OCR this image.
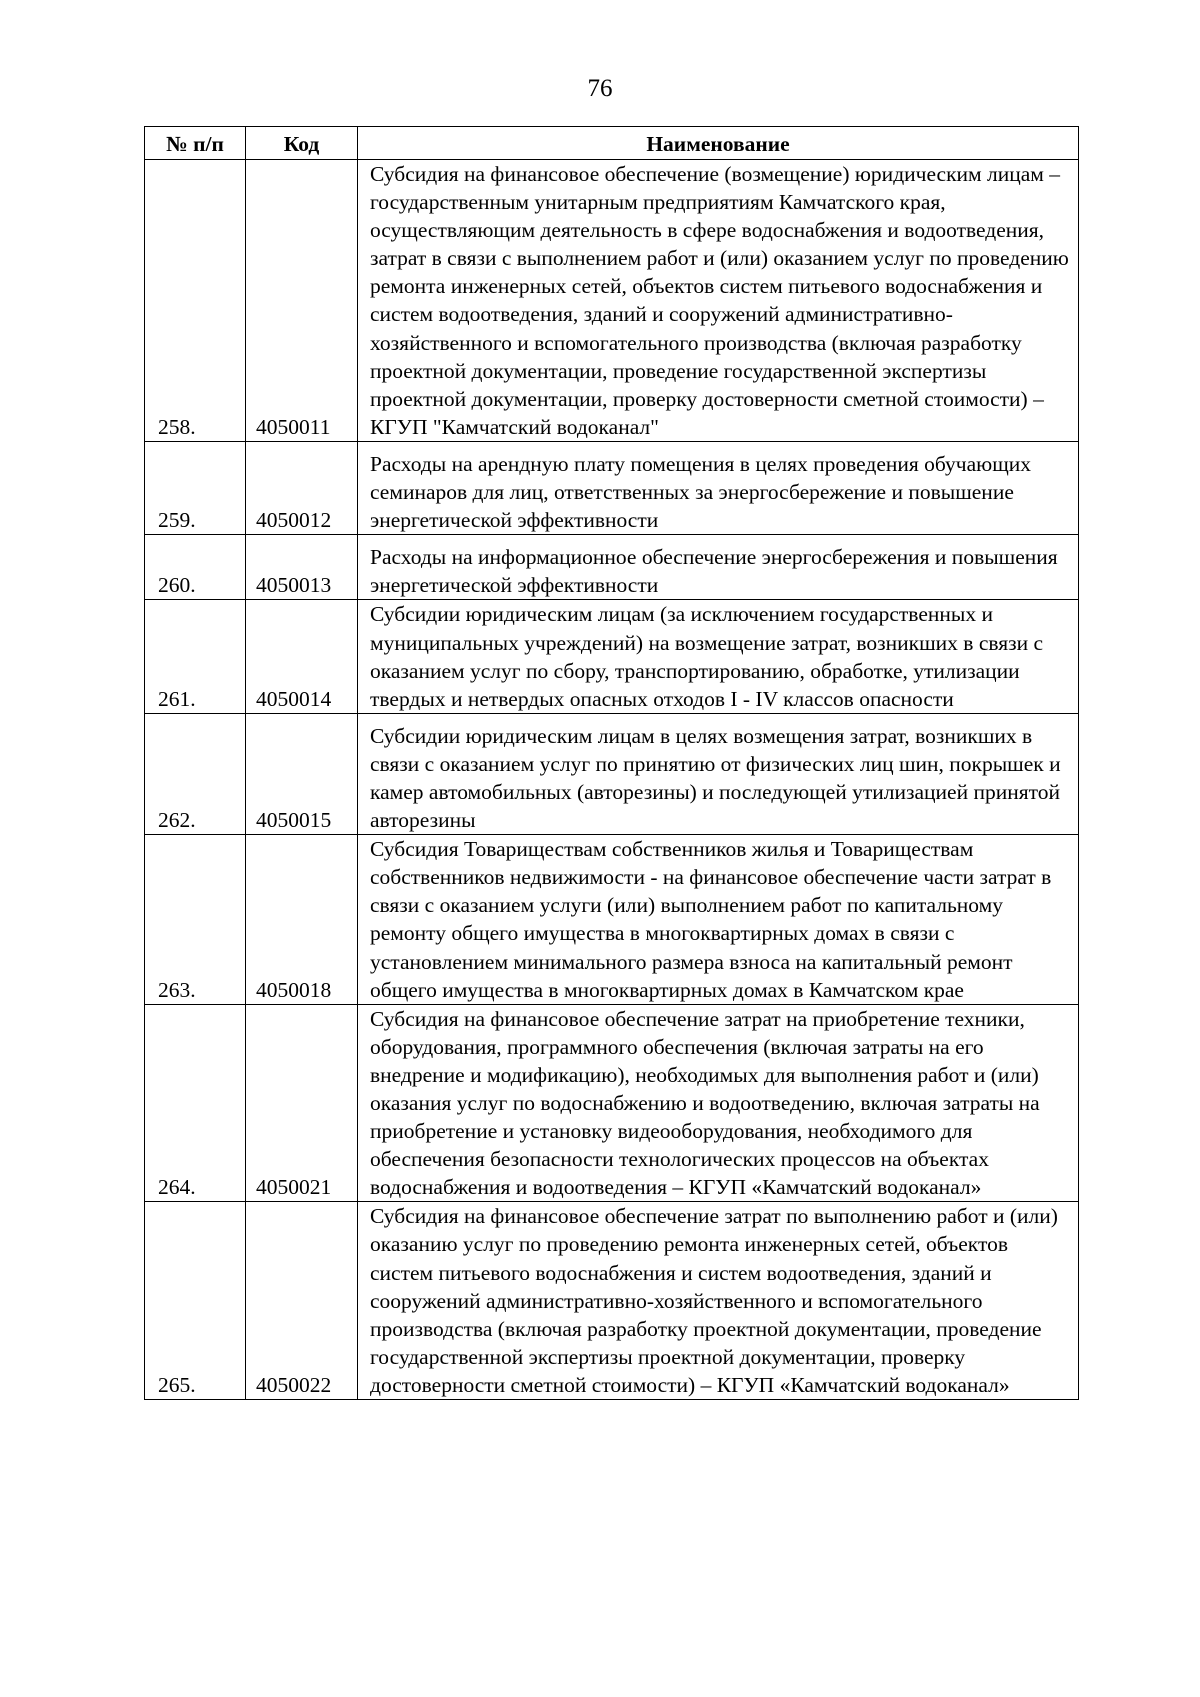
76
№ п/п	Код	Наименование
258.	4050011	Субсидия на финансовое обеспечение (возмещение) юридическим лицам – государственным унитарным предприятиям Камчатского края, осуществляющим деятельность в сфере водоснабжения и водоотведения, затрат в связи с выполнением работ и (или) оказанием услуг по проведению ремонта инженерных сетей, объектов систем питьевого водоснабжения и систем водоотведения, зданий и сооружений административно-хозяйственного и вспомогательного производства (включая разработку проектной документации, проведение государственной экспертизы проектной документации, проверку достоверности сметной стоимости) – КГУП "Камчатский водоканал"
259.	4050012	Расходы на арендную плату помещения в целях проведения обучающих семинаров для лиц, ответственных за энергосбережение и повышение энергетической эффективности
260.	4050013	Расходы на информационное обеспечение энергосбережения и повышения энергетической эффективности
261.	4050014	Субсидии юридическим лицам (за исключением государственных и муниципальных учреждений) на возмещение затрат, возникших в связи с оказанием услуг по сбору, транспортированию, обработке, утилизации твердых и нетвердых опасных отходов I - IV классов опасности
262.	4050015	Субсидии юридическим лицам в целях возмещения затрат, возникших в связи с оказанием услуг по принятию от физических лиц шин, покрышек и камер автомобильных (авторезины) и последующей утилизацией принятой авторезины
263.	4050018	Субсидия Товариществам собственников жилья и Товариществам собственников недвижимости - на финансовое обеспечение части затрат в связи с оказанием услуги (или) выполнением работ по капитальному ремонту общего имущества в многоквартирных домах в связи с установлением минимального размера взноса на капитальный ремонт общего имущества в многоквартирных домах в Камчатском крае
264.	4050021	Субсидия на финансовое обеспечение затрат на приобретение техники, оборудования, программного обеспечения (включая затраты на его внедрение и модификацию), необходимых для выполнения работ и (или) оказания услуг по водоснабжению и водоотведению, включая затраты на приобретение и установку видеооборудования, необходимого для обеспечения безопасности технологических процессов на объектах водоснабжения и водоотведения – КГУП «Камчатский водоканал»
265.	4050022	Субсидия на финансовое обеспечение затрат по выполнению работ и (или) оказанию услуг по проведению ремонта инженерных сетей, объектов систем питьевого водоснабжения и систем водоотведения, зданий и сооружений административно-хозяйственного и вспомогательного производства (включая разработку проектной документации, проведение государственной экспертизы проектной документации, проверку достоверности сметной стоимости) – КГУП «Камчатский водоканал»
